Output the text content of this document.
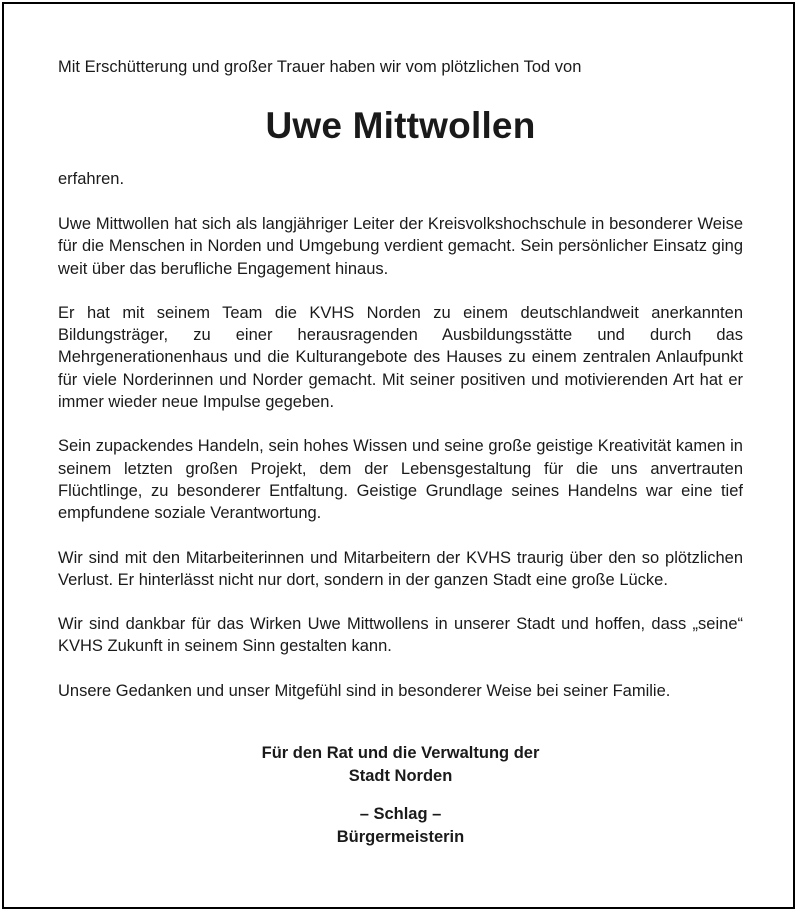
Mit Erschütterung und großer Trauer haben wir vom plötzlichen Tod von

Uwe Mittwollen

erfahren.

Uwe Mittwollen hat sich als langjähriger Leiter der Kreisvolkshochschule in besonderer Weise für die Menschen in Norden und Umgebung verdient gemacht. Sein persönlicher Einsatz ging weit über das berufliche Engagement hinaus.

Er hat mit seinem Team die KVHS Norden zu einem deutschlandweit anerkannten Bildungsträger, zu einer herausragenden Ausbildungsstätte und durch das Mehrgenerationenhaus und die Kulturangebote des Hauses zu einem zentralen Anlaufpunkt für viele Norderinnen und Norder gemacht. Mit seiner positiven und motivierenden Art hat er immer wieder neue Impulse gegeben.

Sein zupackendes Handeln, sein hohes Wissen und seine große geistige Kreativität kamen in seinem letzten großen Projekt, dem der Lebensgestaltung für die uns anvertrauten Flüchtlinge, zu besonderer Entfaltung. Geistige Grundlage seines Handelns war eine tief empfundene soziale Verantwortung.

Wir sind mit den Mitarbeiterinnen und Mitarbeitern der KVHS traurig über den so plötzlichen Verlust. Er hinterlässt nicht nur dort, sondern in der ganzen Stadt eine große Lücke.

Wir sind dankbar für das Wirken Uwe Mittwollens in unserer Stadt und hoffen, dass „seine“ KVHS Zukunft in seinem Sinn gestalten kann.

Unsere Gedanken und unser Mitgefühl sind in besonderer Weise bei seiner Familie.

Für den Rat und die Verwaltung der

Stadt Norden

– Schlag –

Bürgermeisterin
